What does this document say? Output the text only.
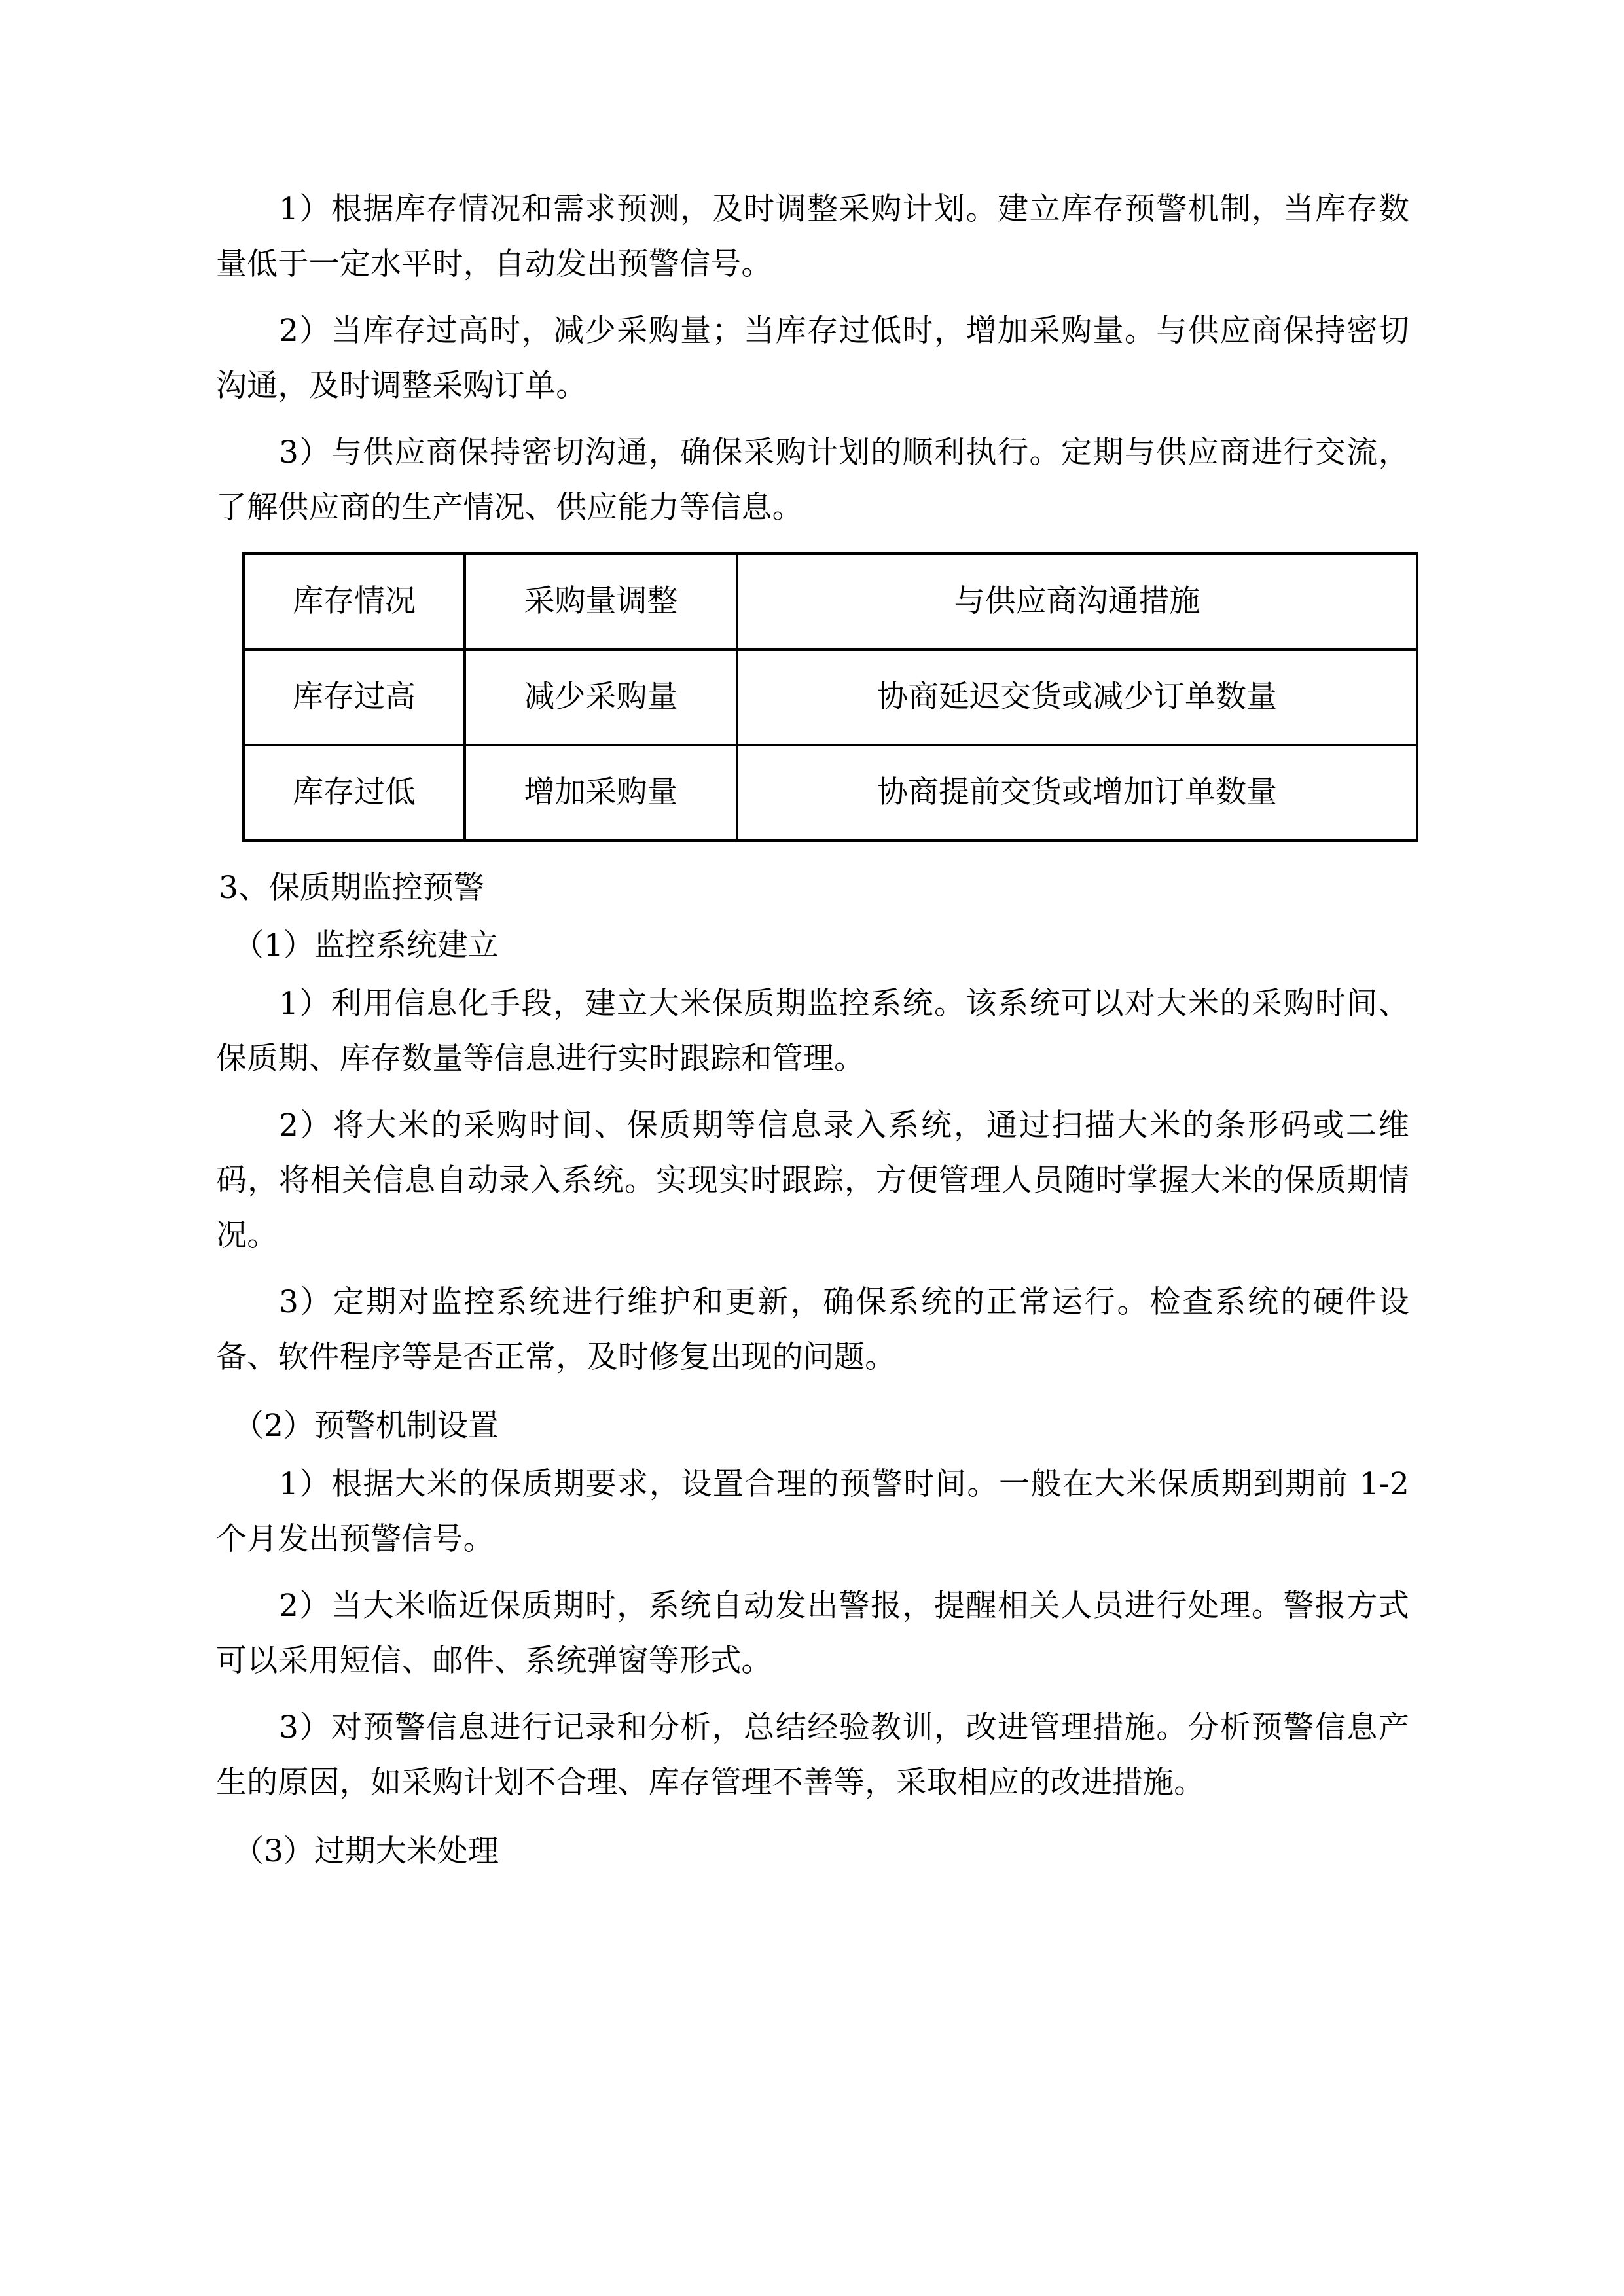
1）根据库存情况和需求预测，及时调整采购计划。建立库存预警机制，当库存数量低于一定水平时，自动发出预警信号。

2）当库存过高时，减少采购量；当库存过低时，增加采购量。与供应商保持密切沟通，及时调整采购订单。

3）与供应商保持密切沟通，确保采购计划的顺利执行。定期与供应商进行交流，了解供应商的生产情况、供应能力等信息。

库存情况	采购量调整	与供应商沟通措施
库存过高	减少采购量	协商延迟交货或减少订单数量
库存过低	增加采购量	协商提前交货或增加订单数量

3、保质期监控预警

（1）监控系统建立

1）利用信息化手段，建立大米保质期监控系统。该系统可以对大米的采购时间、保质期、库存数量等信息进行实时跟踪和管理。

2）将大米的采购时间、保质期等信息录入系统，通过扫描大米的条形码或二维码，将相关信息自动录入系统。实现实时跟踪，方便管理人员随时掌握大米的保质期情况。

3）定期对监控系统进行维护和更新，确保系统的正常运行。检查系统的硬件设备、软件程序等是否正常，及时修复出现的问题。

（2）预警机制设置

1）根据大米的保质期要求，设置合理的预警时间。一般在大米保质期到期前 1-2 个月发出预警信号。

2）当大米临近保质期时，系统自动发出警报，提醒相关人员进行处理。警报方式可以采用短信、邮件、系统弹窗等形式。

3）对预警信息进行记录和分析，总结经验教训，改进管理措施。分析预警信息产生的原因，如采购计划不合理、库存管理不善等，采取相应的改进措施。

（3）过期大米处理
